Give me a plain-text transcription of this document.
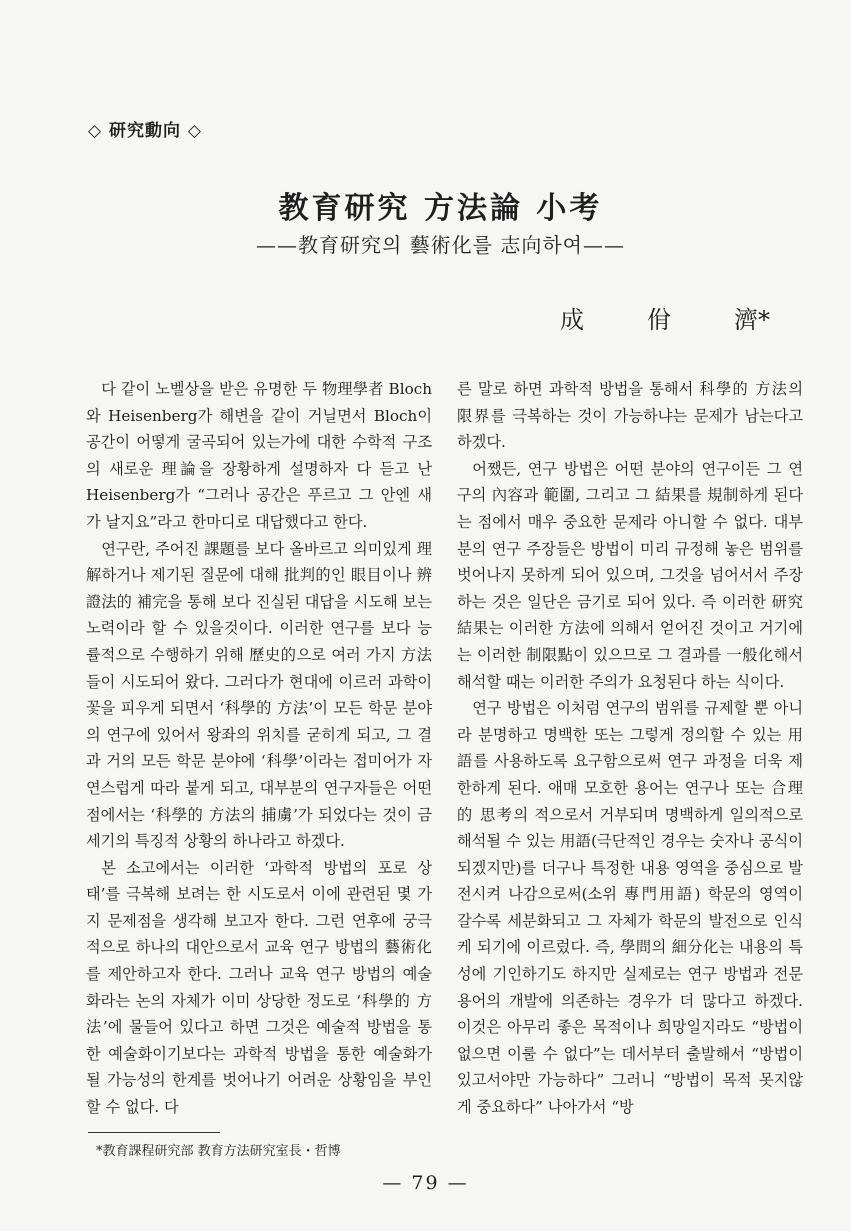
◇ 研究動向 ◇
教育研究 方法論 小考
——教育研究의 藝術化를 志向하여——
成	佾	濟*

다 같이 노벨상을 받은 유명한 두 物理學者 Bloch와 Heisenberg가 해변을 같이 거닐면서 Bloch이 공간이 어떻게 굴곡되어 있는가에 대한 수학적 구조의 새로운 理論을 장황하게 설명하자 다 듣고 난 Heisenberg가 “그러나 공간은 푸르고 그 안엔 새가 날지요”라고 한마디로 대답했다고 한다.

연구란, 주어진 課題를 보다 올바르고 의미있게 理解하거나 제기된 질문에 대해 批判的인 眼目이나 辨證法的 補完을 통해 보다 진실된 대답을 시도해 보는 노력이라 할 수 있을것이다. 이러한 연구를 보다 능률적으로 수행하기 위해 歷史的으로 여러 가지 方法들이 시도되어 왔다. 그러다가 현대에 이르러 과학이 꽃을 피우게 되면서 ‘科學的 方法’이 모든 학문 분야의 연구에 있어서 왕좌의 위치를 굳히게 되고, 그 결과 거의 모든 학문 분야에 ‘科學’이라는 접미어가 자연스럽게 따라 붙게 되고, 대부분의 연구자들은 어떤 점에서는 ‘科學的 方法의 捕虜’가 되었다는 것이 금세기의 특징적 상황의 하나라고 하겠다.

본 소고에서는 이러한 ‘과학적 방법의 포로 상태’를 극복해 보려는 한 시도로서 이에 관련된 몇 가지 문제점을 생각해 보고자 한다. 그런 연후에 궁극적으로 하나의 대안으로서 교육 연구 방법의 藝術化를 제안하고자 한다. 그러나 교육 연구 방법의 예술화라는 논의 자체가 이미 상당한 정도로 ‘科學的 方法’에 물들어 있다고 하면 그것은 예술적 방법을 통한 예술화이기보다는 과학적 방법을 통한 예술화가 될 가능성의 한계를 벗어나기 어려운 상황임을 부인할 수 없다. 다

른 말로 하면 과학적 방법을 통해서 科學的 方法의 限界를 극복하는 것이 가능하냐는 문제가 남는다고 하겠다.

어쨌든, 연구 방법은 어떤 분야의 연구이든 그 연구의 內容과 範圍, 그리고 그 結果를 規制하게 된다는 점에서 매우 중요한 문제라 아니할 수 없다. 대부분의 연구 주장들은 방법이 미리 규정해 놓은 범위를 벗어나지 못하게 되어 있으며, 그것을 넘어서서 주장하는 것은 일단은 금기로 되어 있다. 즉 이러한 研究結果는 이러한 方法에 의해서 얻어진 것이고 거기에는 이러한 制限點이 있으므로 그 결과를 一般化해서 해석할 때는 이러한 주의가 요청된다 하는 식이다.

연구 방법은 이처럼 연구의 범위를 규제할 뿐 아니라 분명하고 명백한 또는 그렇게 정의할 수 있는 用語를 사용하도록 요구함으로써 연구 과정을 더욱 제한하게 된다. 애매 모호한 용어는 연구나 또는 合理的 思考의 적으로서 거부되며 명백하게 일의적으로 해석될 수 있는 用語(극단적인 경우는 숫자나 공식이 되겠지만)를 더구나 특정한 내용 영역을 중심으로 발전시켜 나감으로써(소위 專門用語) 학문의 영역이 갈수록 세분화되고 그 자체가 학문의 발전으로 인식케 되기에 이르렀다. 즉, 學問의 細分化는 내용의 특성에 기인하기도 하지만 실제로는 연구 방법과 전문 용어의 개발에 의존하는 경우가 더 많다고 하겠다. 이것은 아무리 좋은 목적이나 희망일지라도 “방법이 없으면 이룰 수 없다”는 데서부터 출발해서 “방법이 있고서야만 가능하다” 그러니 “방법이 목적 못지않게 중요하다” 나아가서 “방

*教育課程研究部 教育方法研究室長・哲博
— 79 —
